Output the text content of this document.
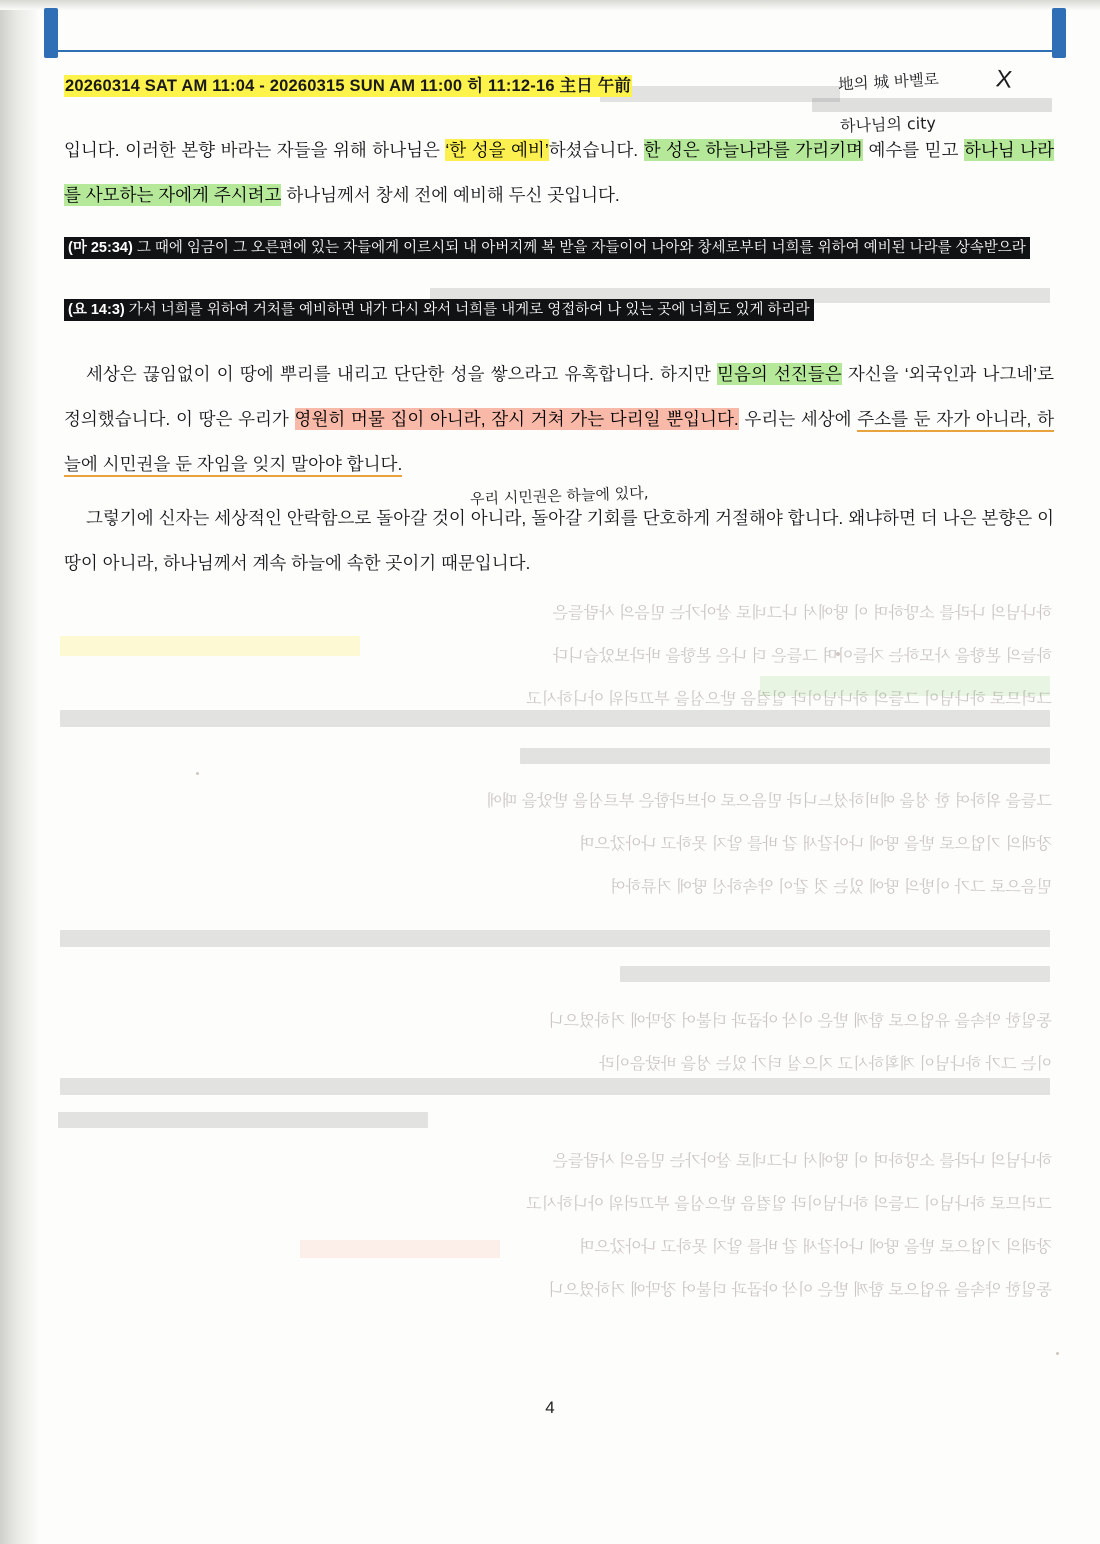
하나님의 나라를 소망하며 이 땅에서 나그네로 살아가는 믿음의 사람들은
하늘의 본향을 사모하는 자들이며 그들은 더 나은 본향을 바라보았습니다
그러므로 하나님이 그들의 하나님이라 일컬음 받으심을 부끄러워 아니하시고
그들을 위하여 한 성을 예비하셨느니라 믿음으로 아브라함은 부르심을 받았을 때에
장래의 기업으로 받을 땅에 나아갈새 갈 바를 알지 못하고 나아갔으며
믿음으로 그가 이방의 땅에 있는 것 같이 약속하신 땅에 거류하여
동일한 약속을 유업으로 함께 받은 이삭 야곱과 더불어 장막에 거하였으니
이는 그가 하나님이 계획하시고 지으실 터가 있는 성을 바랐음이라
하나님의 나라를 소망하며 이 땅에서 나그네로 살아가는 믿음의 사람들은
그러므로 하나님이 그들의 하나님이라 일컬음 받으심을 부끄러워 아니하시고
장래의 기업으로 받을 땅에 나아갈새 갈 바를 알지 못하고 나아갔으며
동일한 약속을 유업으로 함께 받은 이삭 야곱과 더불어 장막에 거하였으니
20260314 SAT AM 11:04 - 20260315 SUN AM 11:00 히 11:12-16 主日 午前	地의 城 바벨로 X
하나님의 city
우리 시민권은 하늘에 있다,

입니다. 이러한 본향 바라는 자들을 위해 하나님은 ‘한 성을 예비’하셨습니다. 한 성은 하늘나라를 가리키며 예수를 믿고 하나님 나라를 사모하는 자에게 주시려고 하나님께서 창세 전에 예비해 두신 곳입니다.

(마 25:34) 그 때에 임금이 그 오른편에 있는 자들에게 이르시되 내 아버지께 복 받을 자들이어 나아와 창세로부터 너희를 위하여 예비된 나라를 상속받으라
(요 14:3) 가서 너희를 위하여 거처를 예비하면 내가 다시 와서 너희를 내게로 영접하여 나 있는 곳에 너희도 있게 하리라

세상은 끊임없이 이 땅에 뿌리를 내리고 단단한 성을 쌓으라고 유혹합니다. 하지만 믿음의 선진들은 자신을 ‘외국인과 나그네’로 정의했습니다. 이 땅은 우리가 영원히 머물 집이 아니라, 잠시 거쳐 가는 다리일 뿐입니다. 우리는 세상에 주소를 둔 자가 아니라, 하늘에 시민권을 둔 자임을 잊지 말아야 합니다.

그렇기에 신자는 세상적인 안락함으로 돌아갈 것이 아니라, 돌아갈 기회를 단호하게 거절해야 합니다. 왜냐하면 더 나은 본향은 이 땅이 아니라, 하나님께서 계속 하늘에 속한 곳이기 때문입니다.

4
